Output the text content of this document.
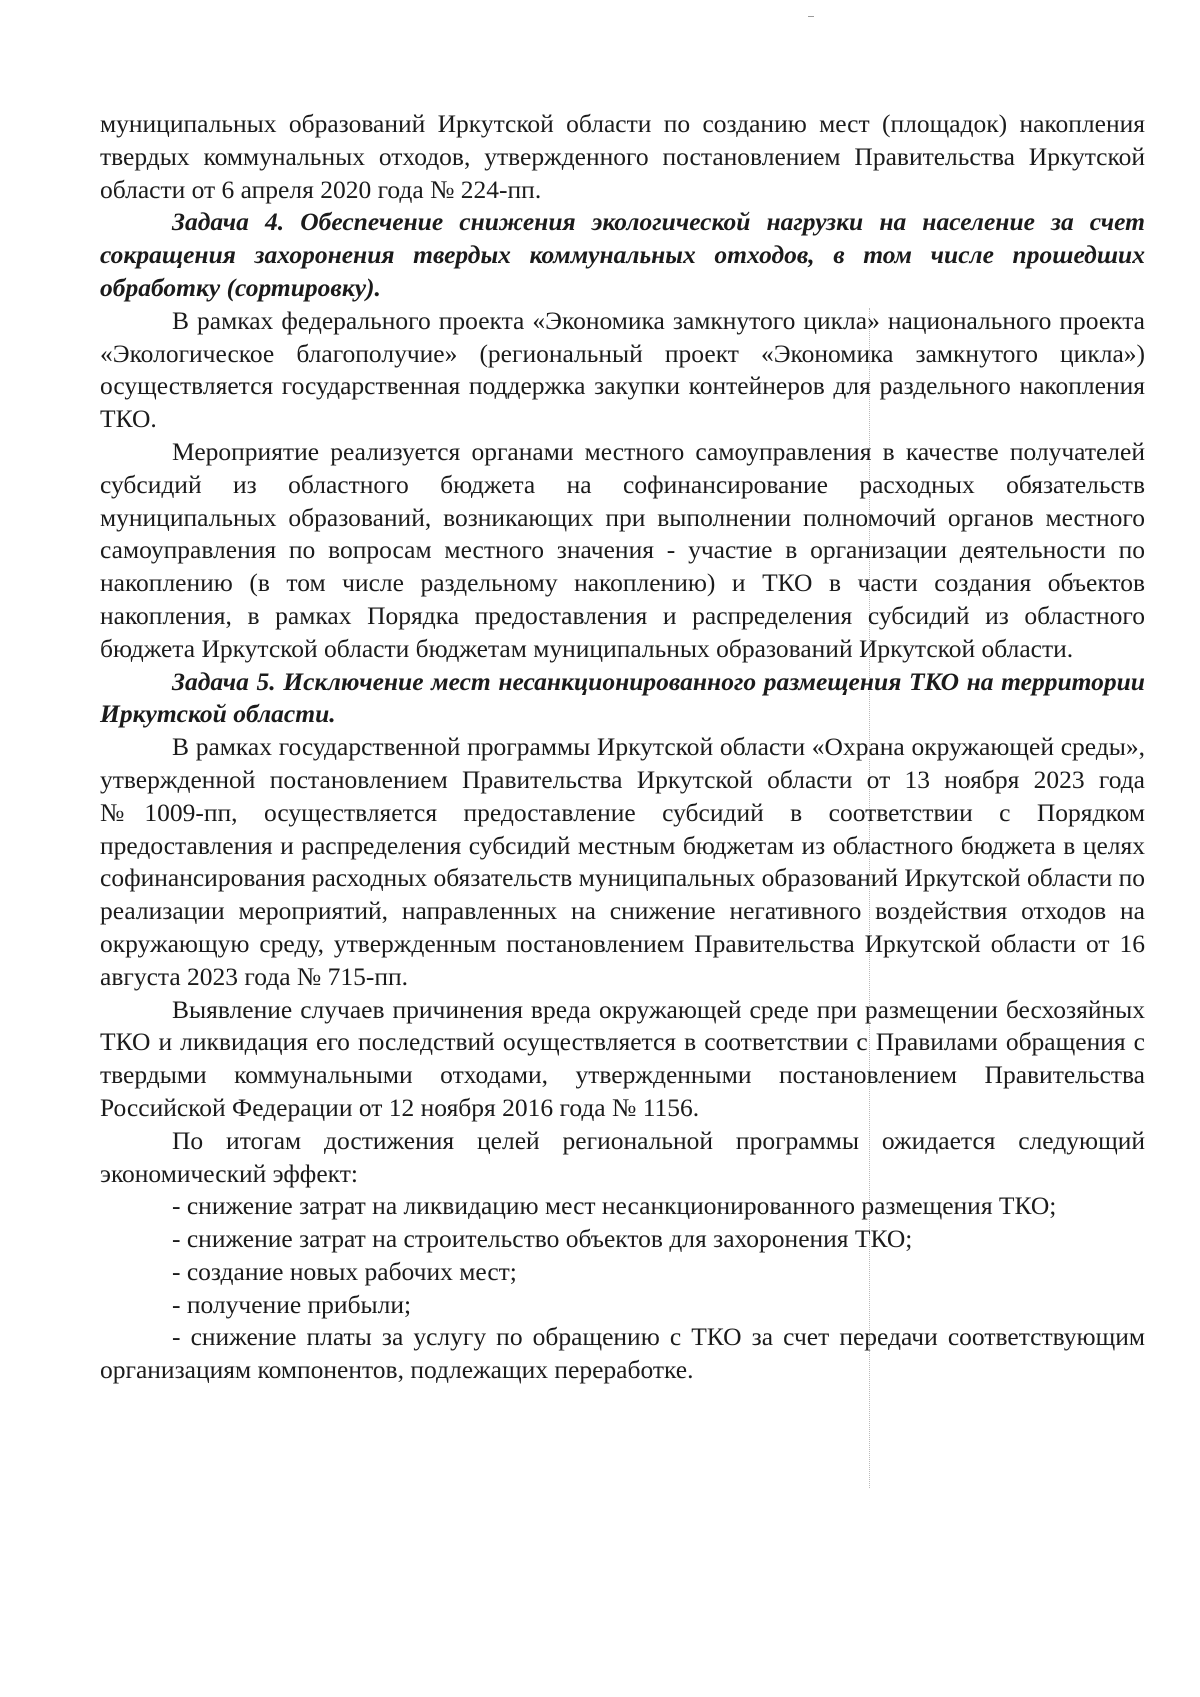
муниципальных образований Иркутской области по созданию мест (площадок) накопления твердых коммунальных отходов, утвержденного постановлением Правительства Иркутской области от 6 апреля 2020 года № 224-пп.

Задача 4. Обеспечение снижения экологической нагрузки на население за счет сокращения захоронения твердых коммунальных отходов, в том числе прошедших обработку (сортировку).

В рамках федерального проекта «Экономика замкнутого цикла» национального проекта «Экологическое благополучие» (региональный проект «Экономика замкнутого цикла») осуществляется государственная поддержка закупки контейнеров для раздельного накопления ТКО.

Мероприятие реализуется органами местного самоуправления в качестве получателей субсидий из областного бюджета на софинансирование расходных обязательств муниципальных образований, возникающих при выполнении полномочий органов местного самоуправления по вопросам местного значения - участие в организации деятельности по накоплению (в том числе раздельному накоплению) и ТКО в части создания объектов накопления, в рамках Порядка предоставления и распределения субсидий из областного бюджета Иркутской области бюджетам муниципальных образований Иркутской области.

Задача 5. Исключение мест несанкционированного размещения ТКО на территории Иркутской области.

В рамках государственной программы Иркутской области «Охрана окружающей среды», утвержденной постановлением Правительства Иркутской области от 13 ноября 2023 года №1009-пп, осуществляется предоставление субсидий в соответствии с Порядком предоставления и распределения субсидий местным бюджетам из областного бюджета в целях софинансирования расходных обязательств муниципальных образований Иркутской области по реализации мероприятий, направленных на снижение негативного воздействия отходов на окружающую среду, утвержденным постановлением Правительства Иркутской области от 16 августа 2023 года № 715-пп.

Выявление случаев причинения вреда окружающей среде при размещении бесхозяйных ТКО и ликвидация его последствий осуществляется в соответствии с Правилами обращения с твердыми коммунальными отходами, утвержденными постановлением Правительства Российской Федерации от 12 ноября 2016 года № 1156.

По итогам достижения целей региональной программы ожидается следующий экономический эффект:

- снижение затрат на ликвидацию мест несанкционированного размещения ТКО;

- снижение затрат на строительство объектов для захоронения ТКО;

- создание новых рабочих мест;

- получение прибыли;

- снижение платы за услугу по обращению с ТКО за счет передачи соответствующим организациям компонентов, подлежащих переработке.
